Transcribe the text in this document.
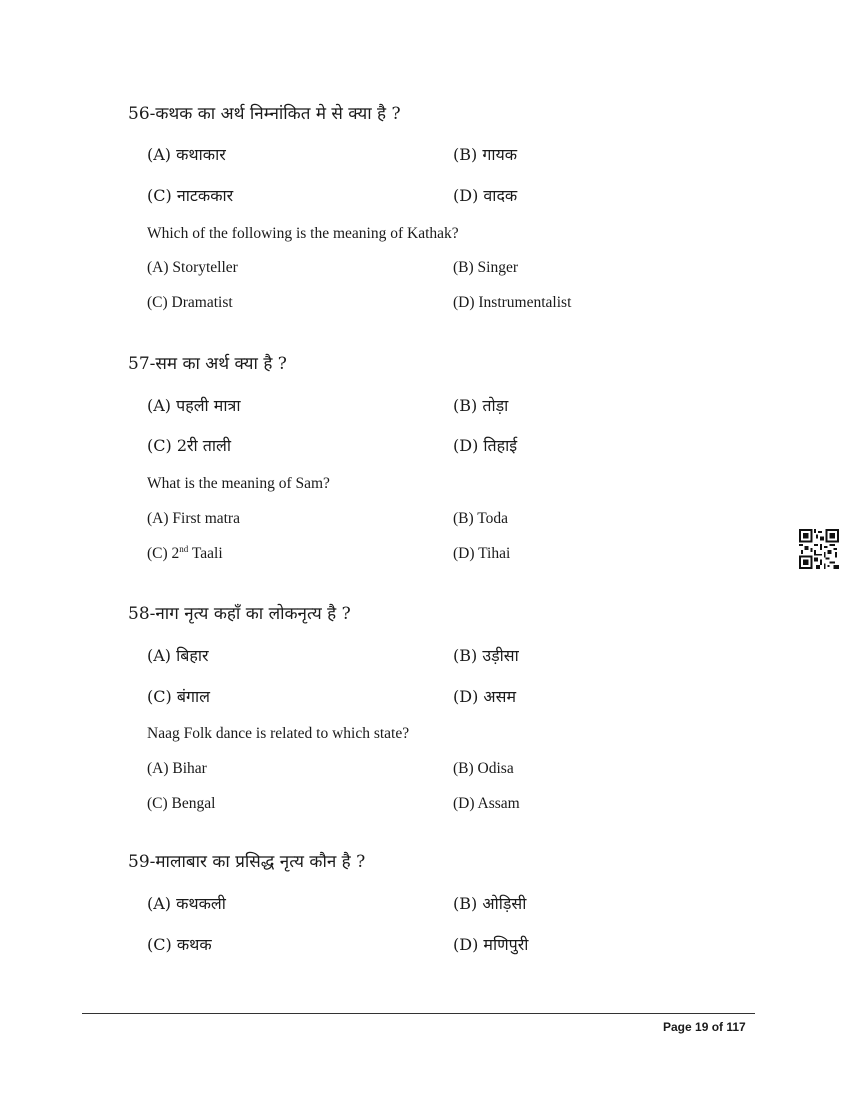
56-कथक का अर्थ निम्नांकित मे से क्या है ?
(A) कथाकार	(B) गायक
(C) नाटककार	(D) वादक
Which of the following is the meaning of Kathak?
(A) Storyteller	(B) Singer
(C) Dramatist	(D) Instrumentalist
57-सम का अर्थ क्या है ?
(A) पहली मात्रा	(B) तोड़ा
(C) 2री ताली	(D) तिहाई
What is the meaning of Sam?
(A) First matra	(B) Toda
(C) 2nd Taali	(D) Tihai
58-नाग नृत्य कहाँ का लोकनृत्य है ?
(A) बिहार	(B) उड़ीसा
(C) बंगाल	(D) असम
Naag Folk dance is related to which state?
(A) Bihar	(B) Odisa
(C) Bengal	(D) Assam
59-मालाबार का प्रसिद्ध नृत्य कौन है ?
(A) कथकली	(B) ओड़िसी
(C) कथक	(D) मणिपुरी
Page 19 of 117
